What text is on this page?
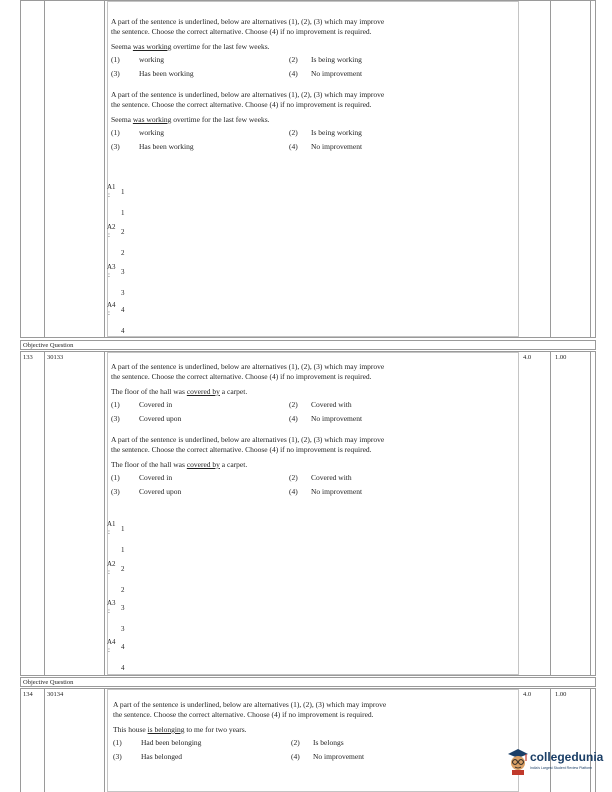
A part of the sentence is underlined, below are alternatives (1), (2), (3) which may improve

the sentence. Choose the correct alternative. Choose (4) if no improvement is required.

Seema was working overtime for the last few weeks.

(1)	working	(2)	Is being working
(3)	Has been working	(4)	No improvement

A part of the sentence is underlined, below are alternatives (1), (2), (3) which may improve

the sentence. Choose the correct alternative. Choose (4) if no improvement is required.

Seema was working overtime for the last few weeks.

(1)	working	(2)	Is being working
(3)	Has been working	(4)	No improvement
A1
: 1
1
A2
: 2
2
A3
: 3
3
A4
: 4
4
Objective Question
133 30133	4.0	1.00

A part of the sentence is underlined, below are alternatives (1), (2), (3) which may improve

the sentence. Choose the correct alternative. Choose (4) if no improvement is required.

The floor of the hall was covered by a carpet.

(1)	Covered in	(2)	Covered with
(3)	Covered upon	(4)	No improvement

A part of the sentence is underlined, below are alternatives (1), (2), (3) which may improve

the sentence. Choose the correct alternative. Choose (4) if no improvement is required.

The floor of the hall was covered by a carpet.

(1)	Covered in	(2)	Covered with
(3)	Covered upon	(4)	No improvement
A1
: 1
1
A2
: 2
2
A3
: 3
3
A4
: 4
4
Objective Question
134 30134	4.0	1.00

A part of the sentence is underlined, below are alternatives (1), (2), (3) which may improve

the sentence. Choose the correct alternative. Choose (4) if no improvement is required.

This house is belonging to me for two years.

(1)	Had been belonging	(2)	Is belongs
(3)	Has belonged	(4)	No improvement	collegedunia
India's Largest Student Review Platform
